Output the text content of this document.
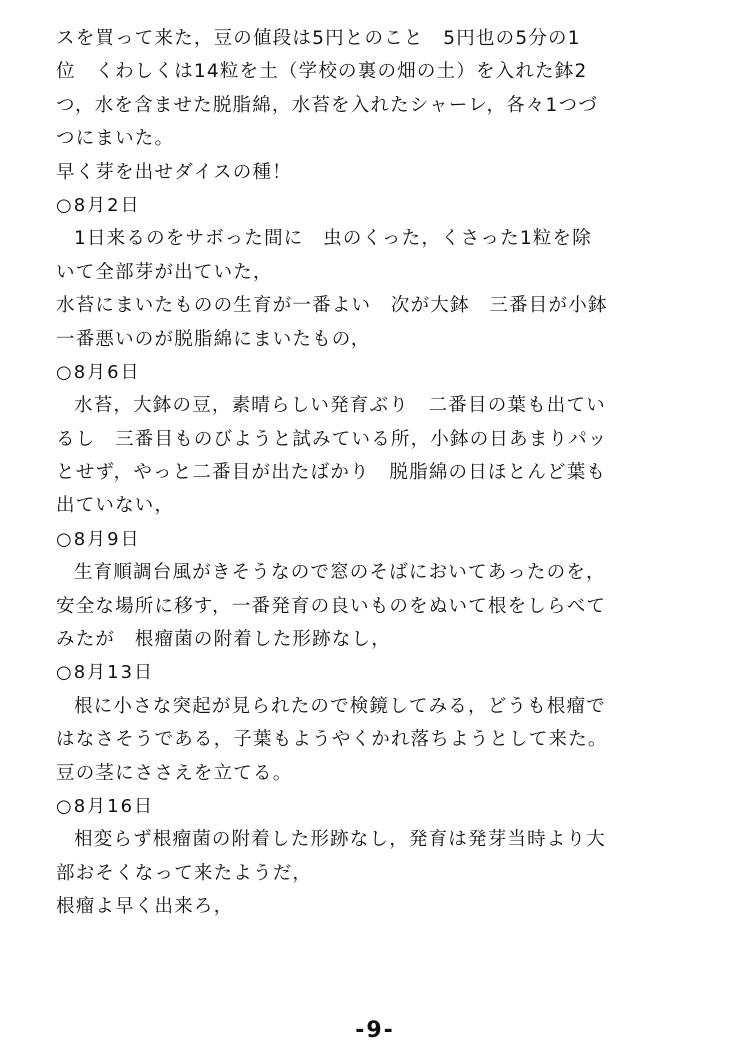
スを買って来た，豆の値段は5円とのこと　5円也の5分の1
位　くわしくは14粒を土（学校の裏の畑の土）を入れた鉢2
つ，水を含ませた脱脂綿，水苔を入れたシャーレ，各々1つづ
つにまいた。
早く芽を出せダイスの種！
○8月2日
1日来るのをサボった間に　虫のくった，くさった1粒を除
いて全部芽が出ていた，
水苔にまいたものの生育が一番よい　次が大鉢　三番目が小鉢
一番悪いのが脱脂綿にまいたもの，
○8月6日
水苔，大鉢の豆，素晴らしい発育ぶり　二番目の葉も出てい
るし　三番目ものびようと試みている所，小鉢の日あまりパッ
とせず，やっと二番目が出たばかり　脱脂綿の日ほとんど葉も
出ていない，
○8月9日
生育順調台風がきそうなので窓のそばにおいてあったのを，
安全な場所に移す，一番発育の良いものをぬいて根をしらべて
みたが　根瘤菌の附着した形跡なし，
○8月13日
根に小さな突起が見られたので検鏡してみる，どうも根瘤で
はなさそうである，子葉もようやくかれ落ちようとして来た。
豆の茎にささえを立てる。
○8月16日
相変らず根瘤菌の附着した形跡なし，発育は発芽当時より大
部おそくなって来たようだ，
根瘤よ早く出来ろ，
-9-
